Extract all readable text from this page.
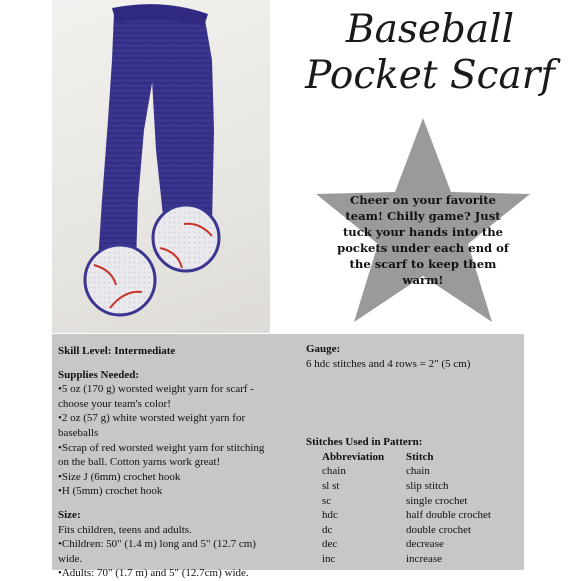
Baseball
Pocket Scarf
Cheer on your favorite team! Chilly game? Just tuck your hands into the pockets under each end of the scarf to keep them warm!
Skill Level: Intermediate
Supplies Needed:
•5 oz (170 g) worsted weight yarn for scarf -
choose your team's color!
•2 oz (57 g) white worsted weight yarn for
baseballs
•Scrap of red worsted weight yarn for stitching
on the ball. Cotton yarns work great!
•Size J (6mm) crochet hook
•H (5mm) crochet hook
Size:
Fits children, teens and adults.
•Children: 50" (1.4 m) long and 5" (12.7 cm)
wide.
•Adults: 70" (1.7 m) and 5" (12.7cm) wide.
Gauge:
6 hdc stitches and 4 rows = 2" (5 cm)
Stitches Used in Pattern:
Abbreviation	Stitch
chain	chain
sl st	slip stitch
sc	single crochet
hdc	half double crochet
dc	double crochet
dec	decrease
inc	increase
